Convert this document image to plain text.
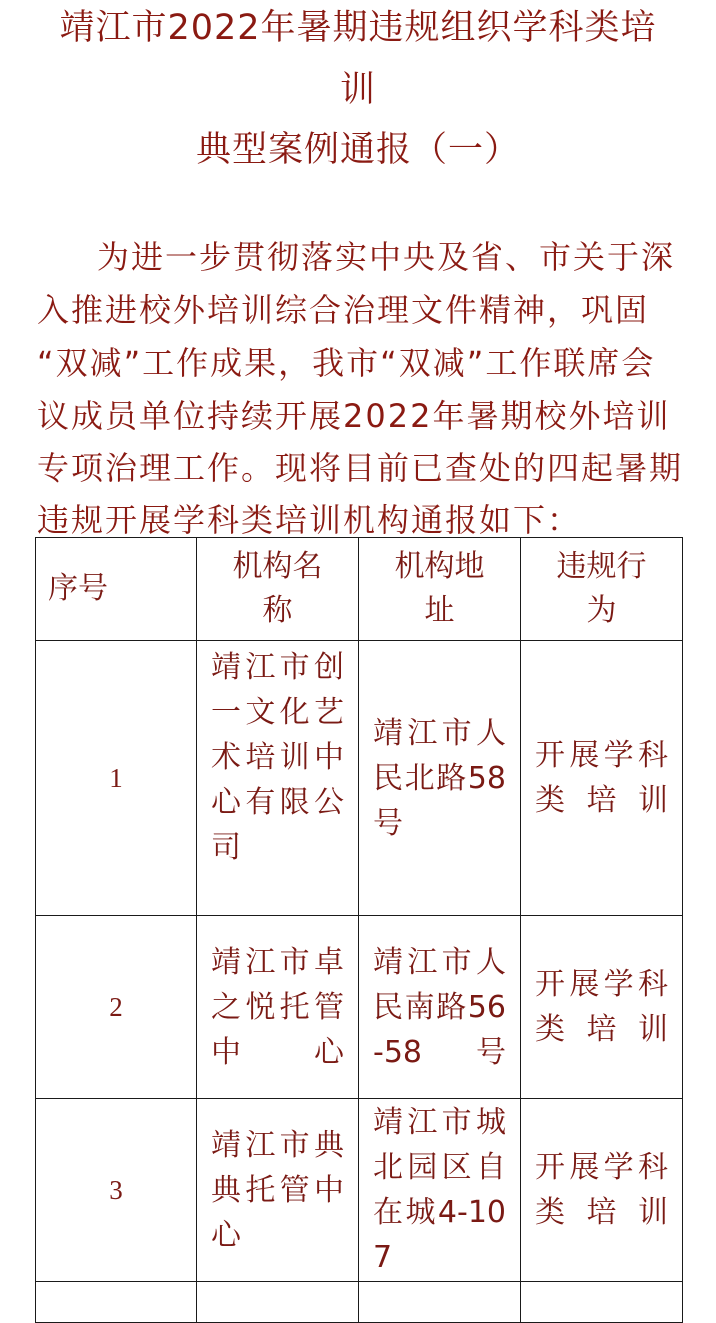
靖江市2022年暑期违规组织学科类培
训
典型案例通报（一）
为进一步贯彻落实中央及省、市关于深
入推进校外培训综合治理文件精神，巩固
“双减”工作成果，我市“双减”工作联席会
议成员单位持续开展2022年暑期校外培训
专项治理工作。现将目前已查处的四起暑期
违规开展学科类培训机构通报如下：
序号	机构名称	机构地址	违规行为

1	靖江市创一文化艺术培训中心有限公司	靖江市人民北路58号	开展学科类培训
2	靖江市卓之悦托管中心	靖江市人民南路56-58号	开展学科类培训
3	靖江市典典托管中心	靖江市城北园区自在城4-107	开展学科类培训
